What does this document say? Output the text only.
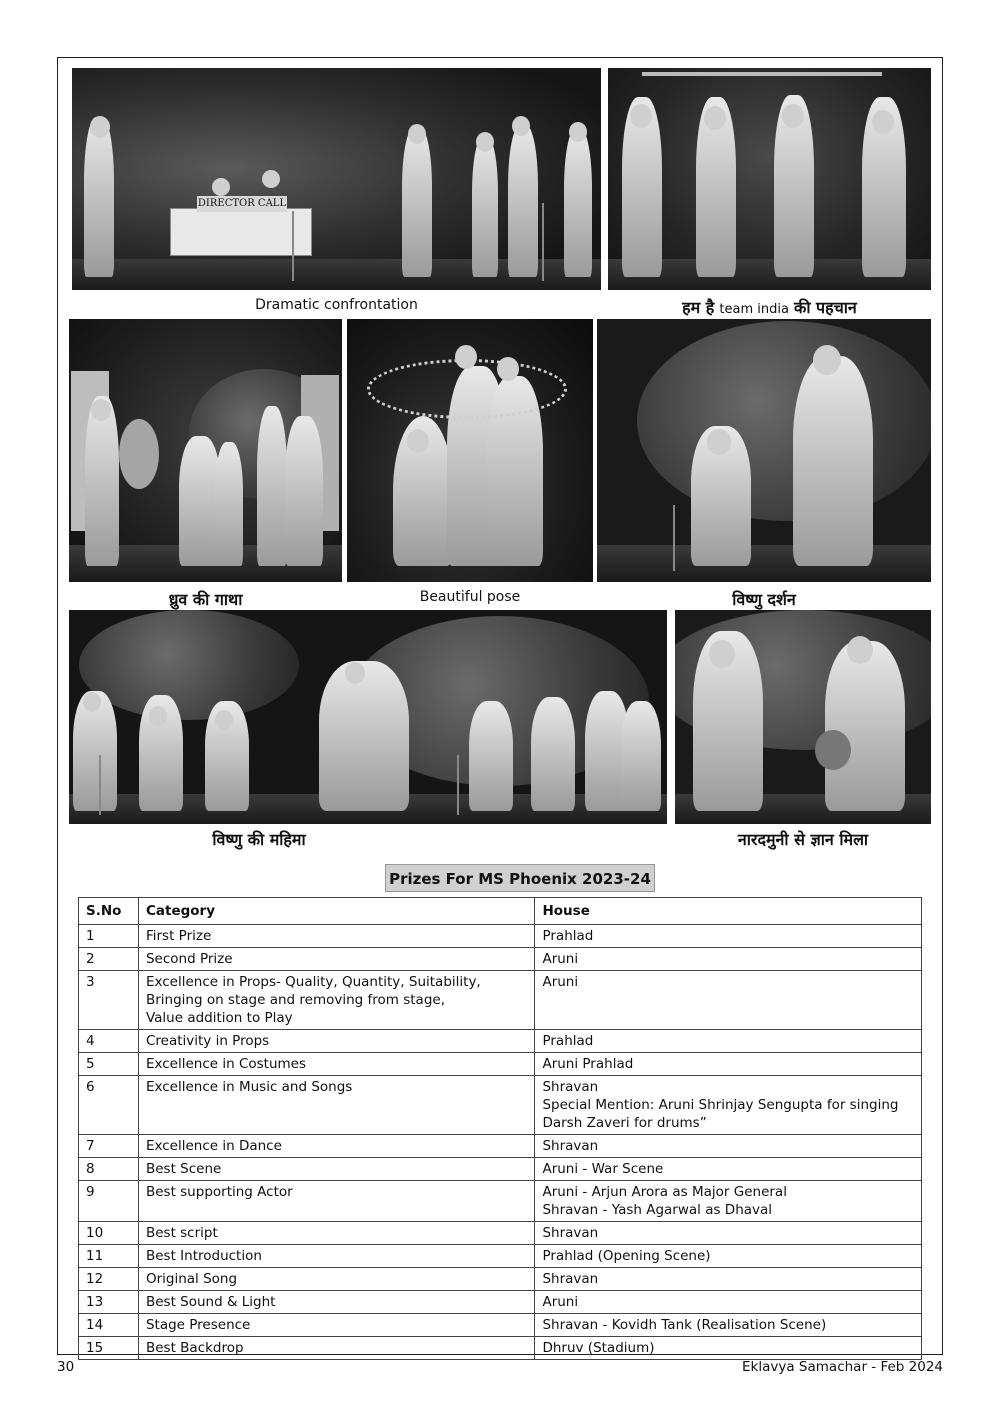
DIRECTOR CALL
Dramatic confrontation	हम है team india की पहचान
ध्रुव की गाथा	Beautiful pose	विष्णु दर्शन
विष्णु की महिमा	नारदमुनी से ज्ञान मिला
Prizes For MS Phoenix 2023-24
S.No	Category	House
1	First Prize	Prahlad

2	Second Prize	Aruni

3	Excellence in Props- Quality, Quantity, Suitability,
Bringing on stage and removing from stage,
Value addition to Play	Aruni

4	Creativity in Props	Prahlad

5	Excellence in Costumes	Aruni Prahlad

6	Excellence in Music and Songs	Shravan
Special Mention: Aruni Shrinjay Sengupta for singing
Darsh Zaveri for drums”

7	Excellence in Dance	Shravan

8	Best Scene	Aruni - War Scene

9	Best supporting Actor	Aruni - Arjun Arora as Major General
Shravan - Yash Agarwal as Dhaval

10	Best script	Shravan

11	Best Introduction	Prahlad (Opening Scene)

12	Original Song	Shravan

13	Best Sound & Light	Aruni

14	Stage Presence	Shravan - Kovidh Tank (Realisation Scene)

15	Best Backdrop	Dhruv (Stadium)
30	Eklavya Samachar - Feb 2024
